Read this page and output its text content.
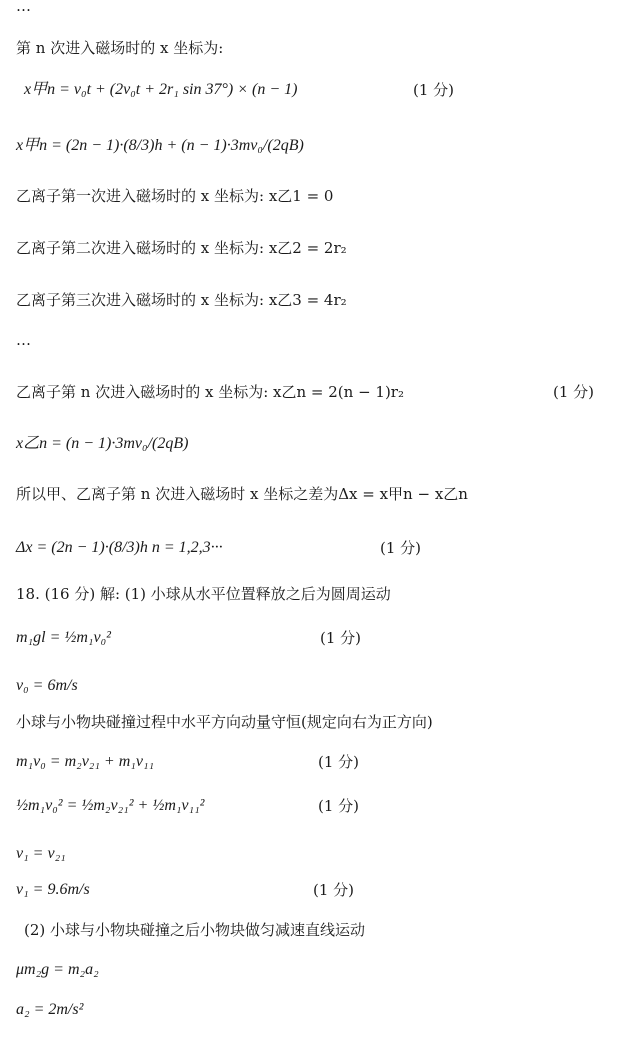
…
第 n 次进入磁场时的 x 坐标为:
x甲n = v₀t + (2v₀t + 2r₁ sin 37°) × (n − 1)	(1 分)
x甲n = (2n − 1)·(8/3)h + (n − 1)·3mv₀/(2qB)
乙离子第一次进入磁场时的 x 坐标为: x乙1 = 0
乙离子第二次进入磁场时的 x 坐标为: x乙2 = 2r₂
乙离子第三次进入磁场时的 x 坐标为: x乙3 = 4r₂
…
乙离子第 n 次进入磁场时的 x 坐标为: x乙n = 2(n − 1)r₂	(1 分)
x乙n = (n − 1)·3mv₀/(2qB)
所以甲、乙离子第 n 次进入磁场时 x 坐标之差为Δx = x甲n − x乙n
Δx = (2n − 1)·(8/3)h n = 1,2,3···	(1 分)
18. (16 分) 解: (1) 小球从水平位置释放之后为圆周运动
m₁gl = ½m₁v₀²	(1 分)
v₀ = 6m/s
小球与小物块碰撞过程中水平方向动量守恒(规定向右为正方向)
m₁v₀ = m₂v₂₁ + m₁v₁₁	(1 分)
½m₁v₀² = ½m₂v₂₁² + ½m₁v₁₁²	(1 分)
v₁ = v₂₁
v₁ = 9.6m/s	(1 分)
(2) 小球与小物块碰撞之后小物块做匀减速直线运动
μm₂g = m₂a₂
a₂ = 2m/s²
